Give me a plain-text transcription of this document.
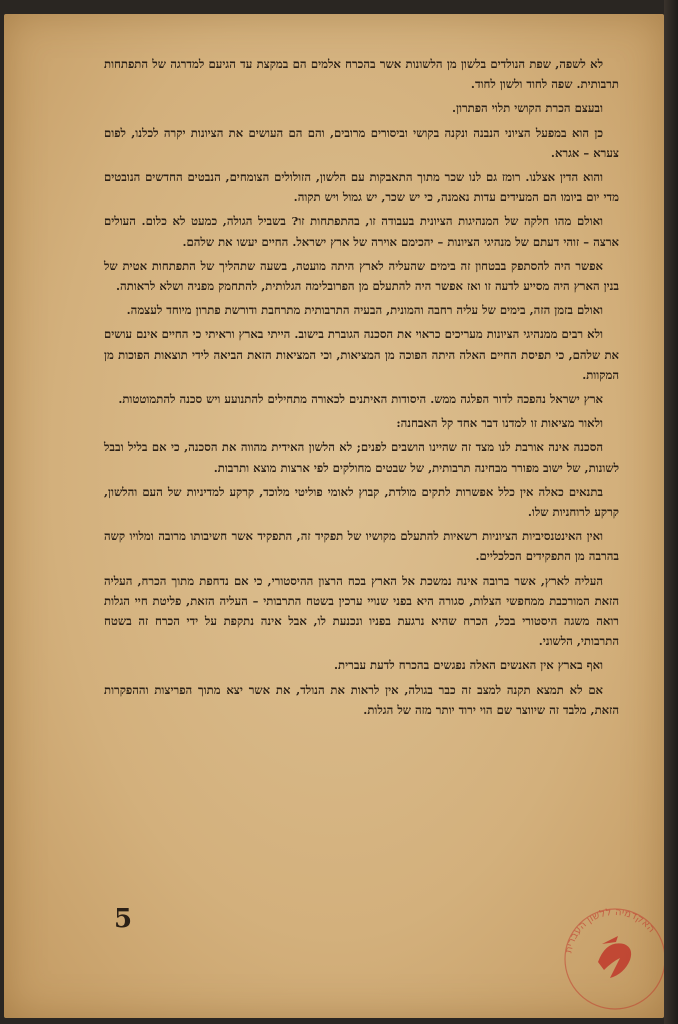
לא לשפה, שפת הנולדים בלשון מן הלשונות אשר בהכרח אלמים הם במקצת עד הגיעם למדרגה של התפתחות תרבותית. שפה לחוד ולשון לחוד.

ובעצם הכרת הקושי תלוי הפתרון.

כן הוא במפעל הציוני הנבנה ונקנה בקושי וביסורים מרובים, והם הם העושים את הציונות יקרה לכלנו, לפום צערא – אגרא.

והוא הדין אצלנו. רומז גם לנו שכר מתוך התאבקות עם הלשון, הזולולים הצומחים, הנבטים החדשים הנובטים מדי יום ביומו הם המעידים עדות נאמנה, כי יש שכר, יש גמול ויש תקוה.

ואולם מהו חלקה של המנהיגות הציונית בעבודה זו, בהתפתחות זו? בשביל הגולה, כמעט לא כלום. העולים ארצה – זוהי דעתם של מנהיגי הציונות – יהכימם אוירה של ארץ ישראל. החיים יעשו את שלהם.

אפשר היה להסתפק בבטחון זה בימים שהעליה לארץ היתה מועטה, בשעה שתהליך של התפתחות אטית של בנין הארץ היה מסייע לדעה זו ואז אפשר היה להתעלם מן הפרובלימה הגלותית, להתחמק מפניה ושלא לראותה.

ואולם בזמן הזה, בימים של עליה רחבה והמונית, הבעיה התרבותית מתרחבת ודורשת פתרון מיוחד לעצמה.

ולא רבים ממנהיגי הציונות מעריכים כראוי את הסכנה הגוברת בישוב. הייתי בארץ וראיתי כי החיים אינם עושים את שלהם, כי תפיסת החיים האלה היתה הפוכה מן המציאות, וכי המציאות הזאת הביאה לידי תוצאות הפוכות מן המקוות.

ארץ ישראל נהפכה לדור הפלגה ממש. היסודות האיתנים לכאורה מתחילים להתנועע ויש סכנה להתמוטטות.

ולאור מציאות זו למדנו דבר אחד קל האבחנה:

הסכנה אינה אורבת לנו מצד זה שהיינו הושבים לפנים; לא הלשון האידית מהווה את הסכנה, כי אם בליל ובבל לשונות, של ישוב מפורר מבחינה תרבותית, של שבטים מחולקים לפי ארצות מוצא ותרבות.

בתנאים כאלה אין כלל אפשרות לתקים מולדת, קבוץ לאומי פוליטי מלוכד, קרקע למדיניות של העם והלשון, קרקע לרוחניות שלו.

ואין האינטנסיביות הציוניות רשאיות להתעלם מקושיו של תפקיד זה, התפקיד אשר חשיבותו מרובה ומלויו קשה בהרבה מן התפקידים הכלכליים.

העליה לארץ, אשר ברובה אינה נמשכת אל הארץ בכח הרצון ההיסטורי, כי אם נדחפת מתוך הכרח, העליה הזאת המורכבת ממחפשי הצלות, סגורה היא בפני שנויי ערכין בשטח התרבותי – העליה הזאת, פליטת חיי הגלות רואה משגה היסטורי בכל, הכרח שהיא נרגעת בפניו ונכנעת לו, אבל אינה נתקפת על ידי הכרח זה בשטח התרבותי, הלשוני.

ואף בארץ אין האנשים האלה נפגשים בהכרח לדעת עברית.

אם לא תמצא תקנה למצב זה כבר בגולה, אין לראות את הנולד, את אשר יצא מתוך הפריצות וההפקרות הזאת, מלבד זה שיווצר שם הוי ירוד יותר מזה של הגלות.

5
האקדמיה ללשון העברית
